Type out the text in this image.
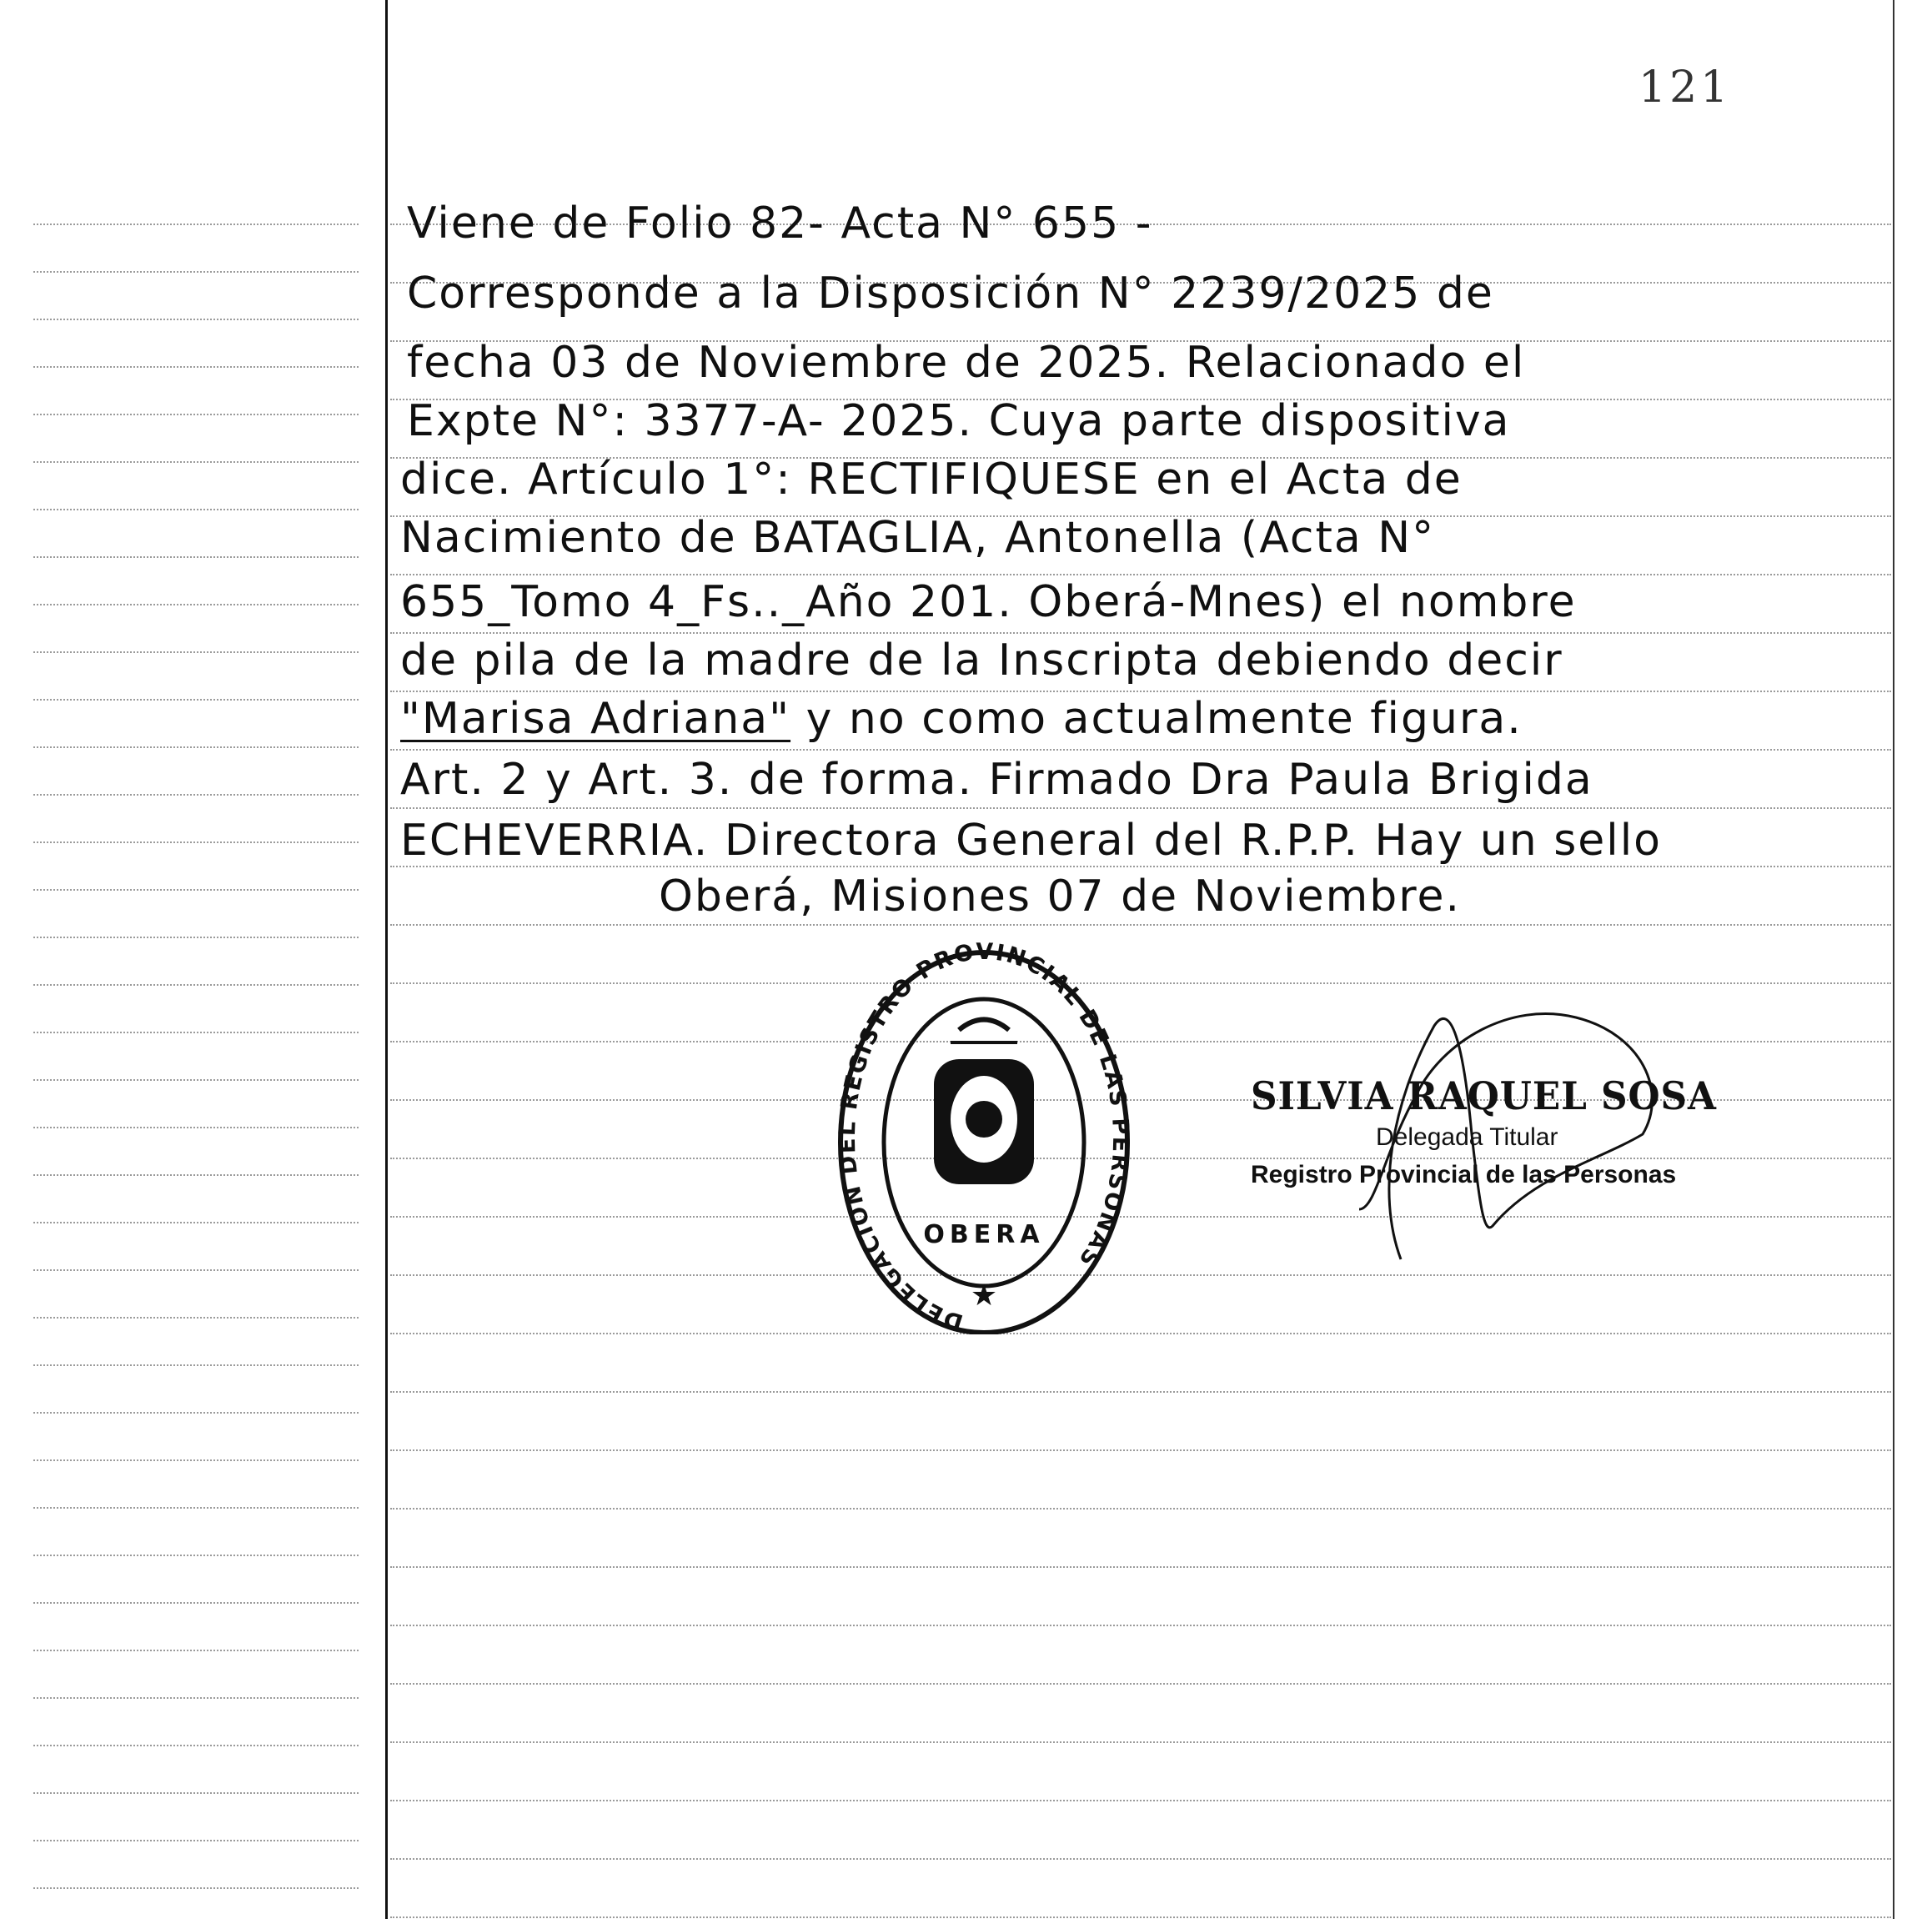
121
Viene de Folio 82- Acta N° 655 -
Corresponde a la Disposición N° 2239/2025 de
fecha 03 de Noviembre de 2025. Relacionado el
Expte N°: 3377-A- 2025. Cuya parte dispositiva
dice. Artículo 1°: RECTIFIQUESE en el Acta de
Nacimiento de BATAGLIA, Antonella (Acta N°
655_Tomo 4_Fs.._Año 201. Oberá-Mnes) el nombre
de pila de la madre de la Inscripta debiendo decir
"Marisa Adriana" y no como actualmente figura.
Art. 2 y Art. 3. de forma. Firmado Dra Paula Brigida
ECHEVERRIA. Directora General del R.P.P. Hay un sello
Oberá, Misiones 07 de Noviembre.
DELEGACION DEL REGISTRO PROVINCIAL DE LAS PERSONAS
OBERA
★
SILVIA RAQUEL SOSA
Delegada Titular
Registro Provincial de las Personas
